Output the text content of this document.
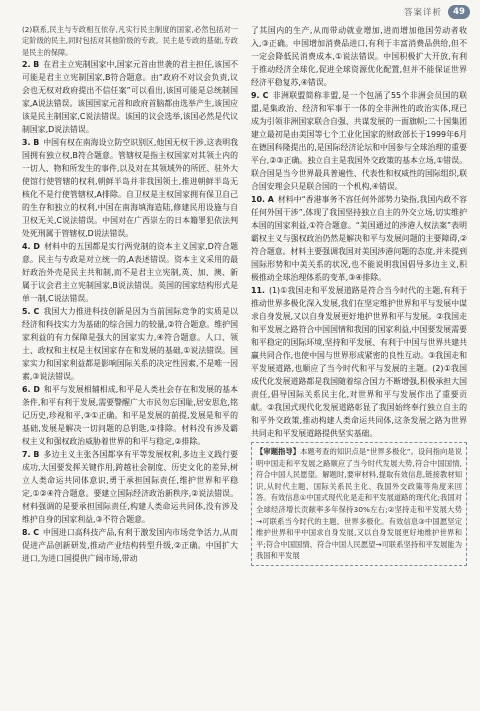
答案详析	49

(2)联系,民主与专政相互依存,凡实行民主制度的国家,必然包括对一定阶级的民主,同时包括对其他阶级的专政。民主是专政的基础,专政是民主的保障。

2. B  在君主立宪制国家中,国家元首由世袭的君主担任,该国不可能是君主立宪制国家,B符合题意。由“政府不对议会负责,议会也无权对政府提出不信任案”可以看出,该国可能是总统制国家,A说法错误。该国国家元首和政府首脑都由选举产生,该国应该是民主制国家,C说法错误。该国的议会选举,该国必然是代议制国家,D说法错误。

3. B  中国有权在南海设立防空识别区,他国无权干涉,这表明我国拥有独立权,B符合题意。管辖权是指主权国家对其领土内的一切人、物和所发生的事件,以及对在其领域外的所匠、驻外大使馆行使管辖的权利,朝鲜半岛并非我国领土,推进朝鲜半岛无核化不是行使管辖权,A排除。自卫权是主权国家拥有保卫自己的生存和独立的权利,中国在南海填海造陆,修建民用设施与自卫权无关,C说法错误。中国对在广西崇左的日本籍罪犯依法判处死刑属于管辖权,D说法错误。

4. D  材料中的五国都是实行两党制的资本主义国家,D符合题意。民主与专政是对立统一的,A表述错误。资本主义采用的最好政治外壳是民主共和制,而不是君主立宪制,英、加、澳、新属于议会君主立宪制国家,B说法错误。英国的国家结构形式是单一制,C说法错误。

5. C  我国大力推进科技创新是因为当前国际竞争的实质是以经济和科技实力为基础的综合国力的较量,②符合题意。维护国家利益的有力保障是强大的国家实力,④符合题意。人口、领土、政权和主权是主权国家存在和发展的基础,①说法错误。国家实力和国家利益都是影响国际关系的决定性因素,不是唯一因素,③说法错误。

6. D  和平与发展相辅相成,和平是人类社会存在和发展的基本条件,和平有利于发展,需要警醒广大市民勿忘国耻,居安思危,铭记历史,珍视和平,③①正确。和平是发展的前提,发展是和平的基础,发展是解决一切问题的总钥匙,①排除。材料没有涉及霸权主义和强权政治威胁着世界的和平与稳定,②排除。

7. B  多边主义主张各国都享有平等发展权利,多边主义践行要成功,大国要发挥关键作用,跨越社会制度、历史文化的差异,树立人类命运共同体意识,勇于承担国际责任,维护世界和平稳定,①②④符合题意。要建立国际经济政治新秩序,②说法错误。材料强调的是要承担国际责任,构建人类命运共同体,没有涉及维护自身的国家利益,③不符合题意。

8. C  中国进口高科技产品,有利于激发国内市场竞争活力,从而促进产品创新研发,推动产业结构转型升级,②正确。中国扩大进口,为进口国提供广阔市场,带动

了其国内的生产,从而带动就业增加,进而增加他国劳动者收入,③正确。中国增加消费品进口,有利于丰富消费品供给,但不一定会降低民消费成本,①说法错误。中国积极扩大开放,有利于推动经济全球化,促进全球资源优化配置,但并不能保证世界经济平稳复苏,④错误。

9. C  非洲联盟简称非盟,是一个包涵了55个非洲会员国的联盟,是集政治、经济和军事于一体的全非洲性的政治实体,现已成为引领非洲国家联合自强、共谋发展的一面旗帜;二十国集团建立最初是由美国等七个工业化国家的财政部长于1999年6月在德国科隆提出的,是国际经济论坛和中国参与全球治理的重要平台,②③正确。独立自主是我国外交政策的基本立场,①错误。联合国是当今世界最具普遍性、代表性和权威性的国际组织,联合国安理会只是联合国的一个机构,④错误。

10. A  材料中“香港事务不容任何外部势力染指,我国内政不容任何外国干涉”,体现了我国坚持独立自主的外交立场,切实维护本国的国家利益,①符合题意。“美国通过的涉港人权法案”表明霸权主义与强权政治仍然是解决和平与发展问题的主要障碍,②符合题意。材料主要强调我国对美国涉港问题的态度,并未提到国际形势和中美关系的状况,也不能说明我国倡导多边主义,积极推动全球治理体系的变革,③④排除。

11.  (1)①我国走和平发展道路是符合当今时代的主题,有利于推动世界多极化深入发展,我们在坚定维护世界和平与发展中谋求自身发展,又以自身发展更好地护世界和平与发展。②我国走和平发展之路符合中国国情和我国的国家利益,中国要发展需要和平稳定的国际环境,坚持和平发展、有利于中国与世界共建共赢共同合作,也使中国与世界形成紧密的良性互动。③我国走和平发展道路,也顺应了当今时代和平与发展的主题。(2)①我国成代化发展道路都是我国随着综合国力不断增强,积极承担大国责任,倡导国际关系民主化,对世界和平与发展作出了重要贡献。②我国式现代化发展道路彰显了我国始终奉行独立自主的和平外交政策,推动构建人类命运共同体,这条发展之路为世界共同走和平发展道路提供坚实基础。

【审题指导】本题考查的知识点是“世界多极化”。设问指向是说明中国走和平发展之路顺应了当今时代发展大势,符合中国国情,符合中国人民愿望。解题时,要审材料,提取有效信息,链接教材知识,从时代主题、国际关系民主化、我国外交政策等角度来回答。有效信息①中国式现代化是走和平发展道路的现代化;我国对全球经济增长贡献率多年保持30%左右;②坚持走和平发展大势→可联系当今时代的主题、世界多极化。有效信息③中国愿坚定维护世界和平中国求自身发展,又以自身发展更好地维护世界和平;符合中国国情、符合中国人民愿望→可联系坚持和平发展能为我国和平发展
